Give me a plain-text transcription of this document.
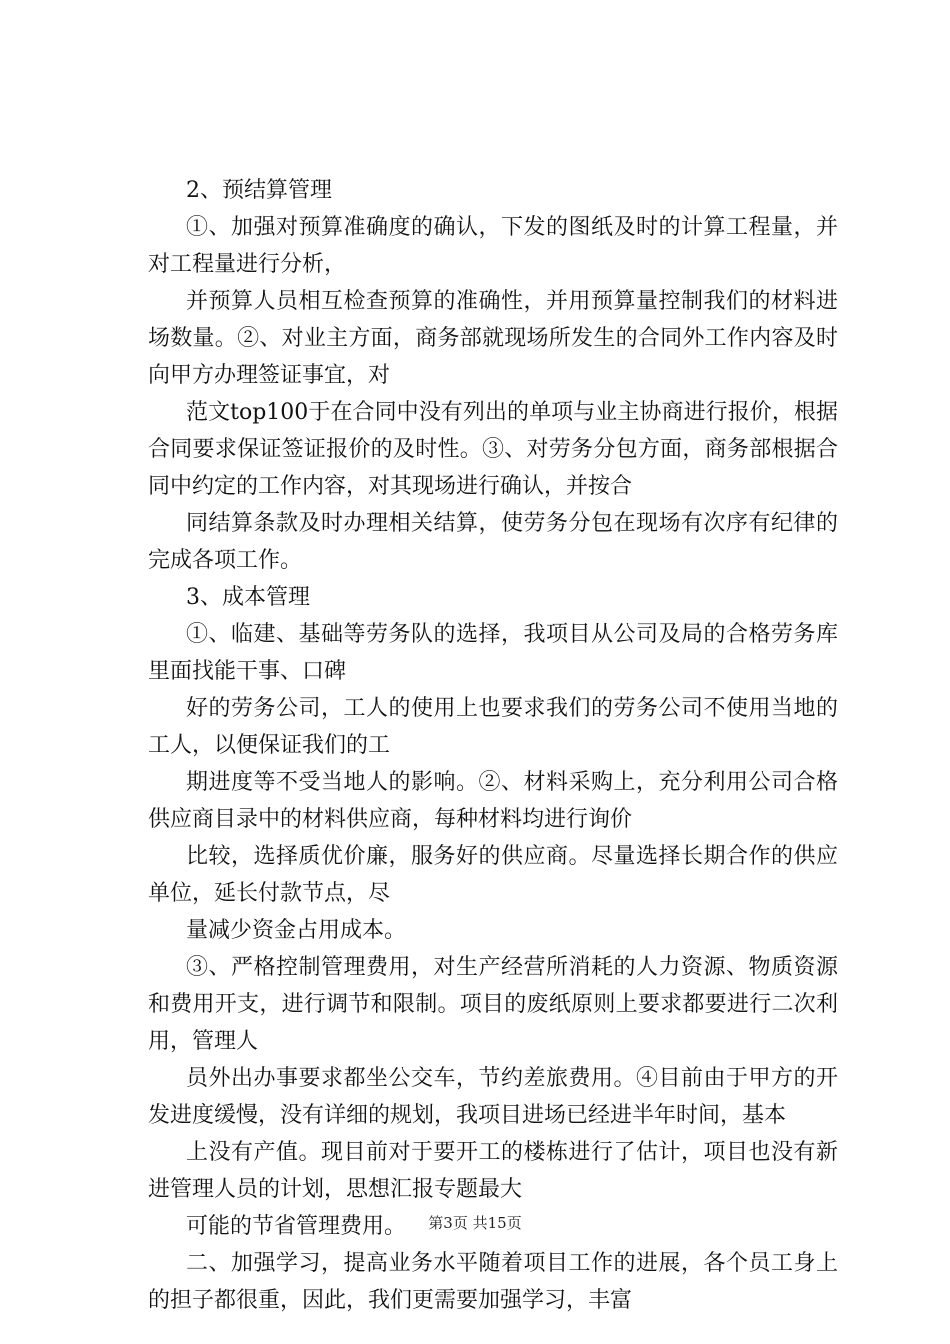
2、预结算管理

①、加强对预算准确度的确认，下发的图纸及时的计算工程量，并对工程量进行分析，

并预算人员相互检查预算的准确性，并用预算量控制我们的材料进场数量。②、对业主方面，商务部就现场所发生的合同外工作内容及时向甲方办理签证事宜，对

范文top100于在合同中没有列出的单项与业主协商进行报价，根据合同要求保证签证报价的及时性。③、对劳务分包方面，商务部根据合同中约定的工作内容，对其现场进行确认，并按合

同结算条款及时办理相关结算，使劳务分包在现场有次序有纪律的完成各项工作。

3、成本管理

①、临建、基础等劳务队的选择，我项目从公司及局的合格劳务库里面找能干事、口碑

好的劳务公司，工人的使用上也要求我们的劳务公司不使用当地的工人，以便保证我们的工

期进度等不受当地人的影响。②、材料采购上，充分利用公司合格供应商目录中的材料供应商，每种材料均进行询价

比较，选择质优价廉，服务好的供应商。尽量选择长期合作的供应单位，延长付款节点，尽

量减少资金占用成本。

③、严格控制管理费用，对生产经营所消耗的人力资源、物质资源和费用开支，进行调节和限制。项目的废纸原则上要求都要进行二次利用，管理人

员外出办事要求都坐公交车，节约差旅费用。④目前由于甲方的开发进度缓慢，没有详细的规划，我项目进场已经进半年时间，基本

上没有产值。现目前对于要开工的楼栋进行了估计，项目也没有新进管理人员的计划，思想汇报专题最大

可能的节省管理费用。

二、加强学习，提高业务水平随着项目工作的进展，各个员工身上的担子都很重，因此，我们更需要加强学习，丰富

第3页 共15页
